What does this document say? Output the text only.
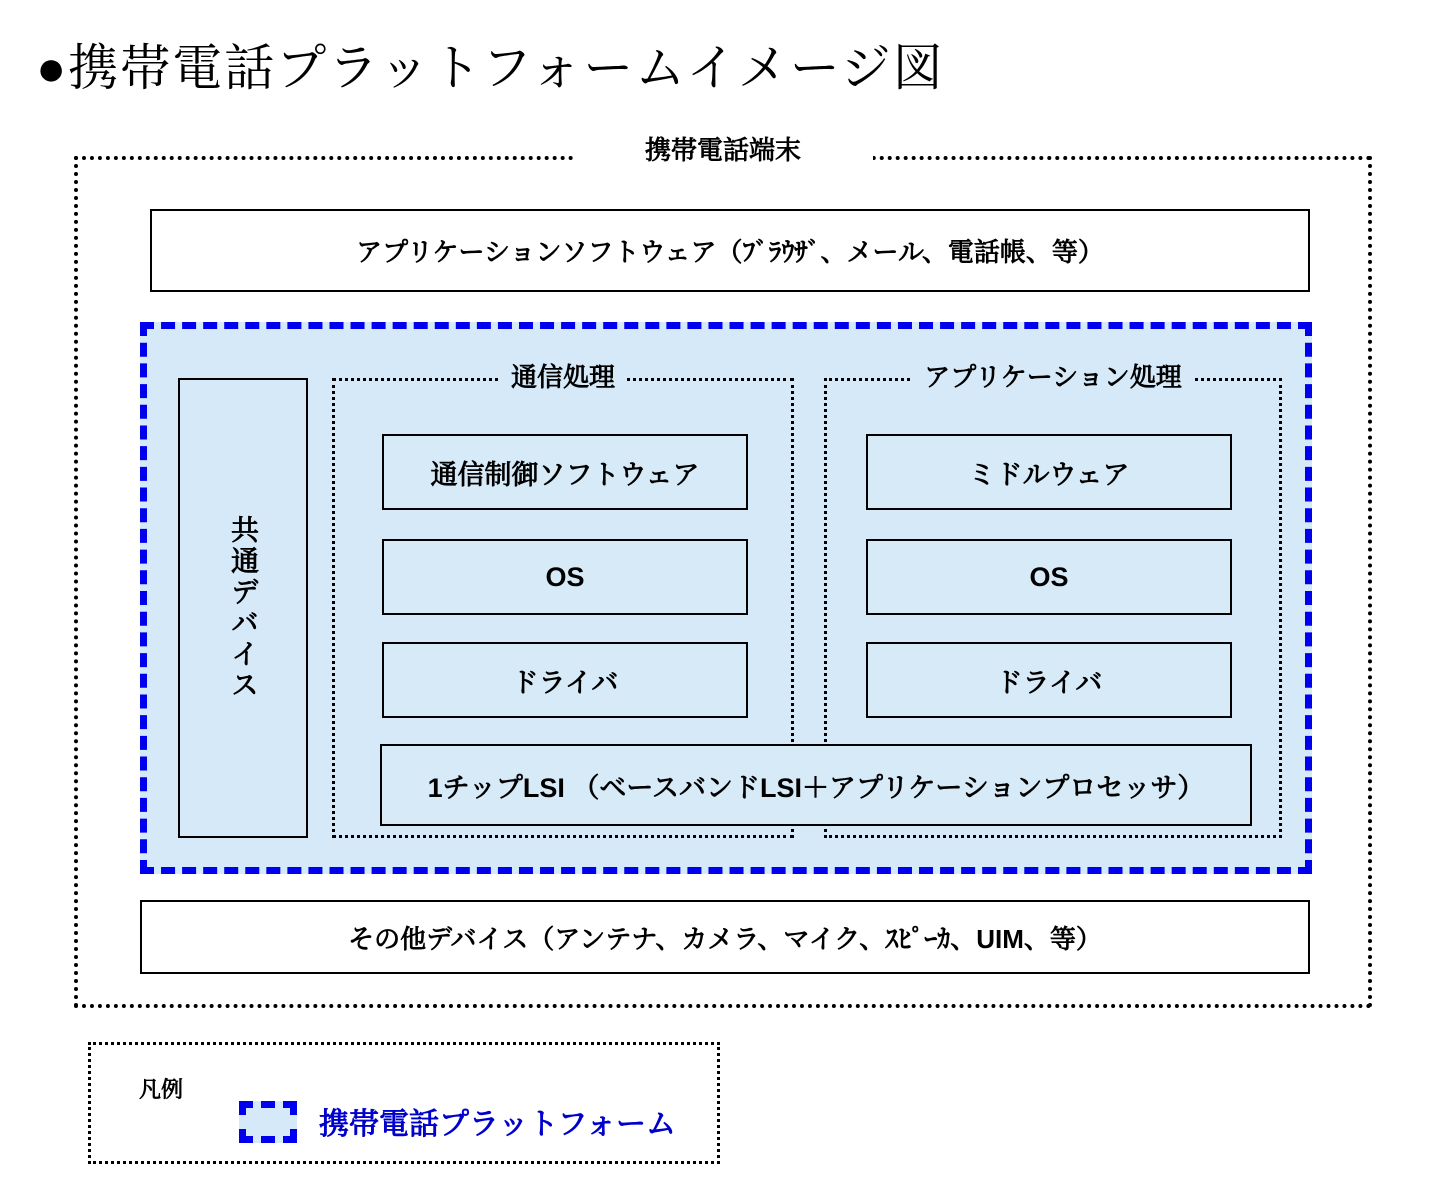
●携帯電話プラットフォームイメージ図
携帯電話端末
アプリケーションソフトウェア（ﾌﾞﾗｳｻﾞ、メール、電話帳、等）
共通デバイス
通信処理	アプリケーション処理
通信制御ソフトウェア
OS
ドライバ
ミドルウェア
OS
ドライバ
1チップLSI （ベースバンドLSI＋アプリケーションプロセッサ）
その他デバイス（アンテナ、カメラ、マイク、ｽﾋﾟｰｶ、UIM、等）
凡例
携帯電話プラットフォーム
